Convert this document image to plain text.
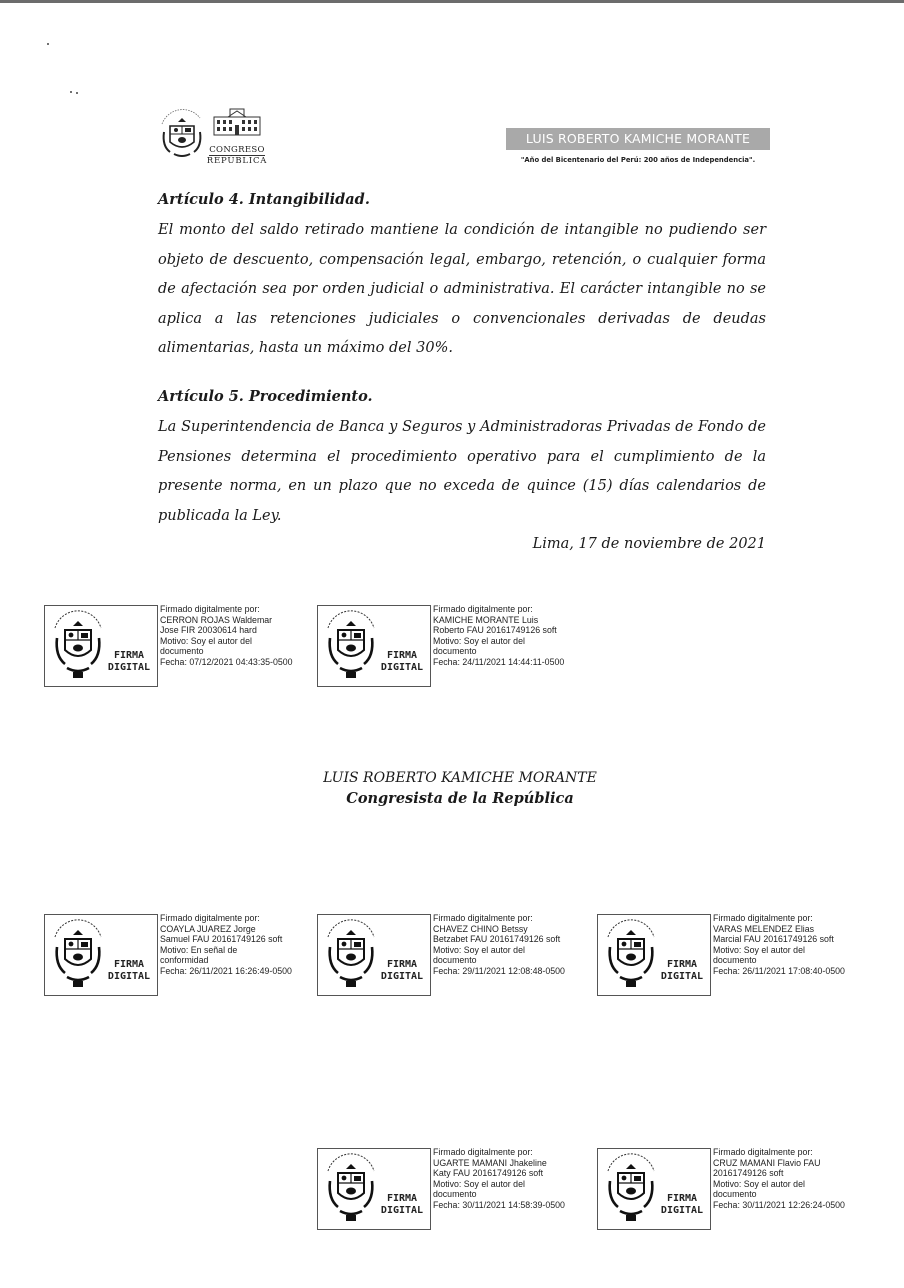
CONGRESO
REPÚBLICA
LUIS ROBERTO KAMICHE MORANTE
"Año del Bicentenario del Perú: 200 años de Independencia".
Artículo 4. Intangibilidad.
El monto del saldo retirado mantiene la condición de intangible no pudiendo ser objeto de descuento, compensación legal, embargo, retención, o cualquier forma de afectación sea por orden judicial o administrativa. El carácter intangible no se aplica a las retenciones judiciales o convencionales derivadas de deudas alimentarias, hasta un máximo del 30%.
Artículo 5. Procedimiento.
La Superintendencia de Banca y Seguros y Administradoras Privadas de Fondo de Pensiones determina el procedimiento operativo para el cumplimiento de la presente norma, en un plazo que no exceda de quince (15) días calendarios de publicada la Ley.
Lima, 17 de noviembre de 2021
LUIS ROBERTO KAMICHE MORANTE
Congresista de la República
FIRMA
DIGITAL
Firmado digitalmente por:
CERRON ROJAS Waldemar
Jose FIR 20030614 hard
Motivo: Soy el autor del
documento
Fecha: 07/12/2021 04:43:35-0500
FIRMA
DIGITAL
Firmado digitalmente por:
KAMICHE MORANTE Luis
Roberto FAU 20161749126 soft
Motivo: Soy el autor del
documento
Fecha: 24/11/2021 14:44:11-0500
FIRMA
DIGITAL
Firmado digitalmente por:
COAYLA JUAREZ Jorge
Samuel FAU 20161749126 soft
Motivo: En señal de
conformidad
Fecha: 26/11/2021 16:26:49-0500
FIRMA
DIGITAL
Firmado digitalmente por:
CHAVEZ CHINO Betssy
Betzabet FAU 20161749126 soft
Motivo: Soy el autor del
documento
Fecha: 29/11/2021 12:08:48-0500
FIRMA
DIGITAL
Firmado digitalmente por:
VARAS MELENDEZ Elias
Marcial FAU 20161749126 soft
Motivo: Soy el autor del
documento
Fecha: 26/11/2021 17:08:40-0500
FIRMA
DIGITAL
Firmado digitalmente por:
UGARTE MAMANI Jhakeline
Katy FAU 20161749126 soft
Motivo: Soy el autor del
documento
Fecha: 30/11/2021 14:58:39-0500
FIRMA
DIGITAL
Firmado digitalmente por:
CRUZ MAMANI Flavio FAU
20161749126 soft
Motivo: Soy el autor del
documento
Fecha: 30/11/2021 12:26:24-0500
